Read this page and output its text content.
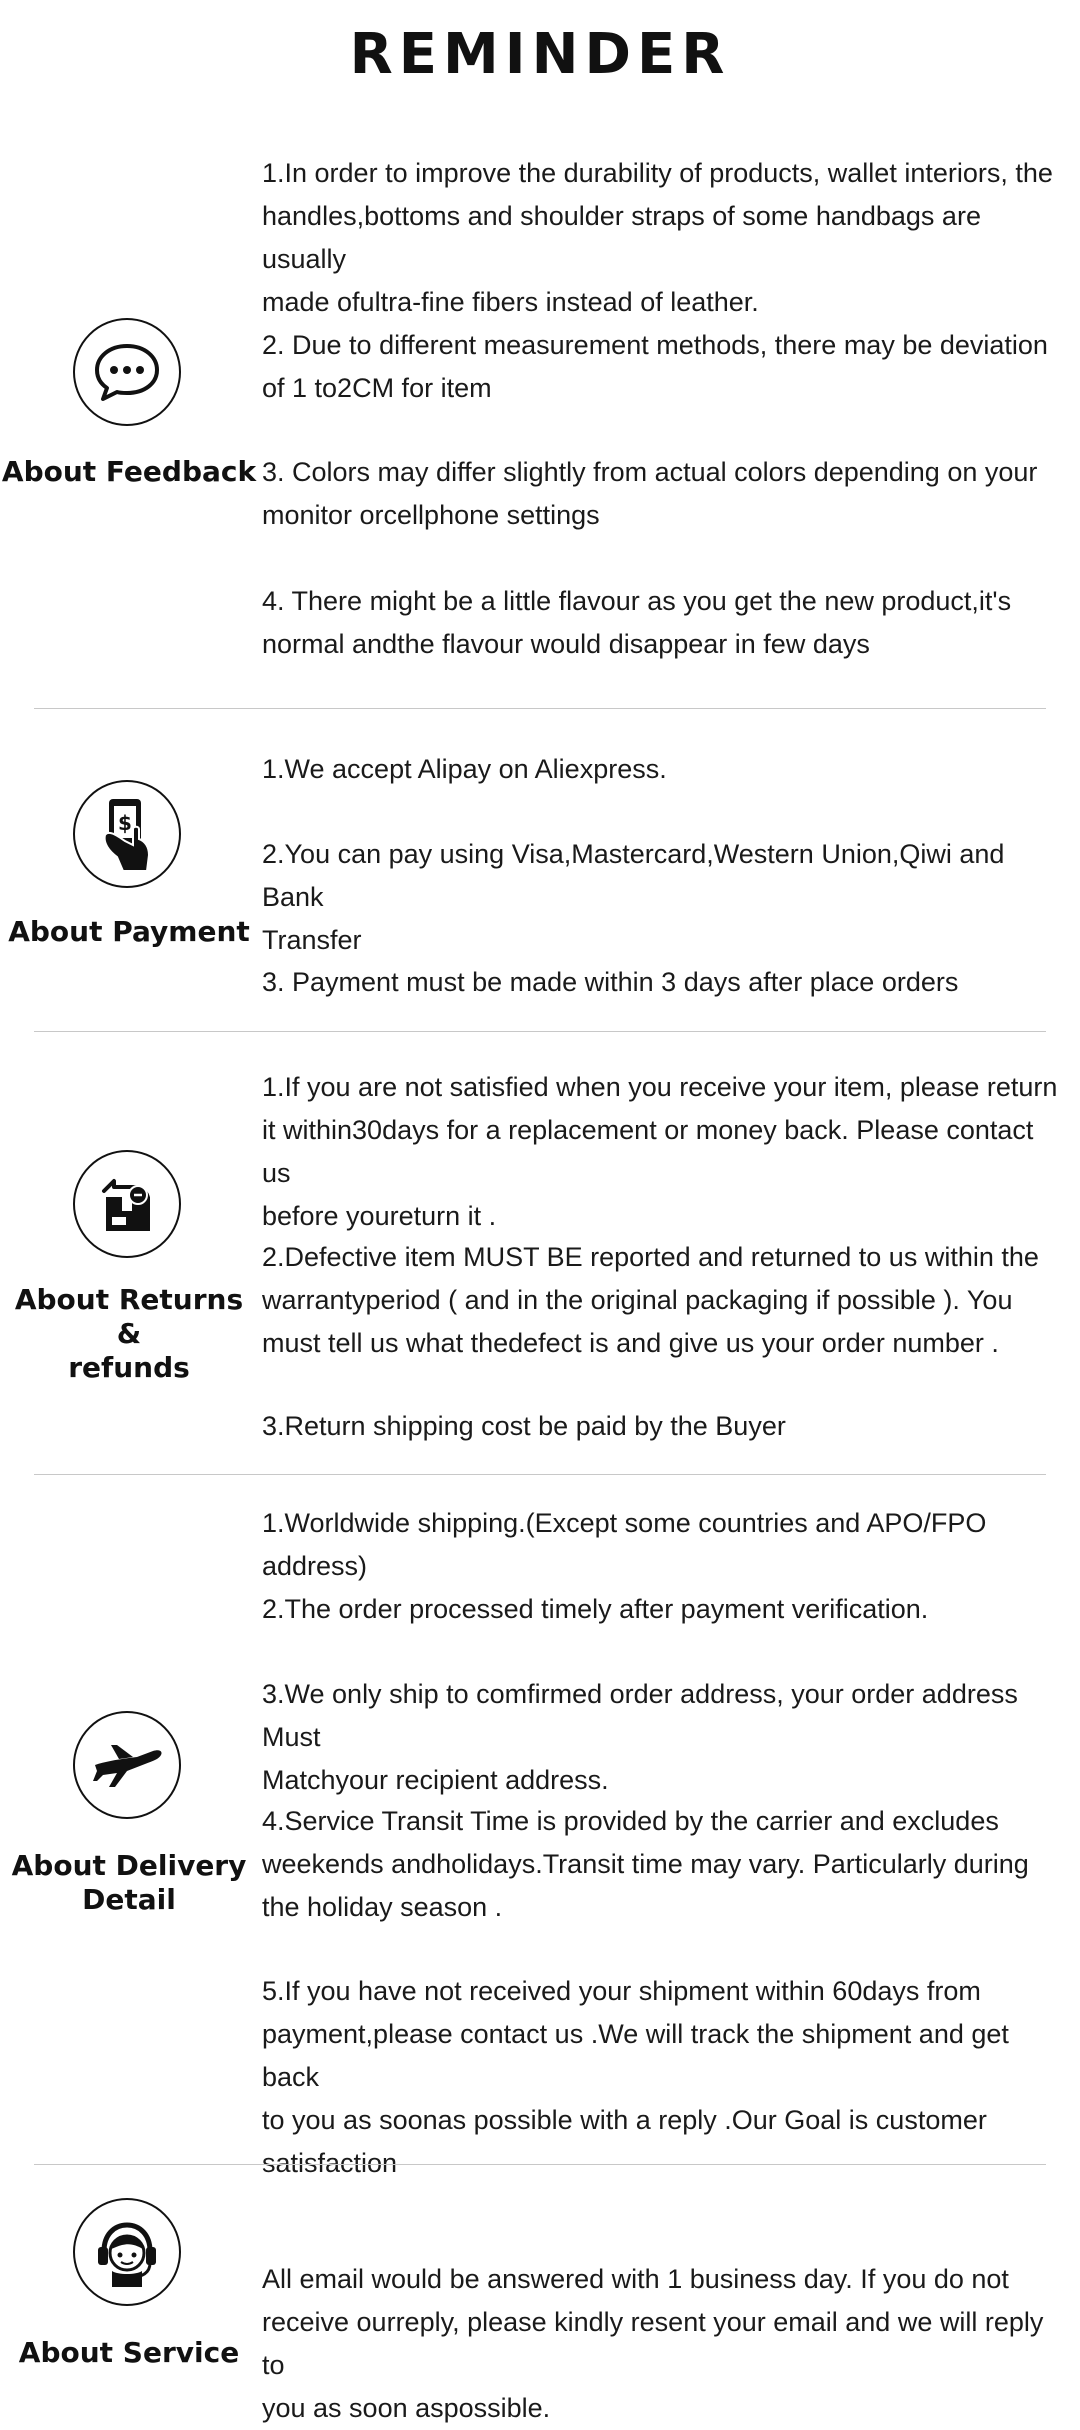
REMINDER
About Feedback

1.In order to improve the durability of products, wallet interiors, the
handles,bottoms and shoulder straps of some handbags are usually
made ofultra-fine fibers instead of leather.

2. Due to different measurement methods, there may be deviation
of 1 to2CM for item

3. Colors may differ slightly from actual colors depending on your
monitor orcellphone settings

4. There might be a little flavour as you get the new product,it's
normal andthe flavour would disappear in few days

$
About Payment

1.We accept Alipay on Aliexpress.

2.You can pay using Visa,Mastercard,Western Union,Qiwi and Bank
Transfer

3. Payment must be made within 3 days after place orders

About Returns
&
refunds

1.If you are not satisfied when you receive your item, please return
it within30days for a replacement or money back. Please contact us
before youreturn it .

2.Defective item MUST BE reported and returned to us within the
warrantyperiod ( and in the original packaging if possible ). You
must tell us what thedefect is and give us your order number .

3.Return shipping cost be paid by the Buyer

About Delivery
Detail

1.Worldwide shipping.(Except some countries and APO/FPO address)

2.The order processed timely after payment verification.

3.We only ship to comfirmed order address, your order address Must
Matchyour recipient address.

4.Service Transit Time is provided by the carrier and excludes
weekends andholidays.Transit time may vary. Particularly during
the holiday season .

5.If you have not received your shipment within 60days from
payment,please contact us .We will track the shipment and get back
to you as soonas possible with a reply .Our Goal is customer
satisfaction

About Service

All email would be answered with 1 business day. If you do not
receive ourreply, please kindly resent your email and we will reply to
you as soon aspossible.
